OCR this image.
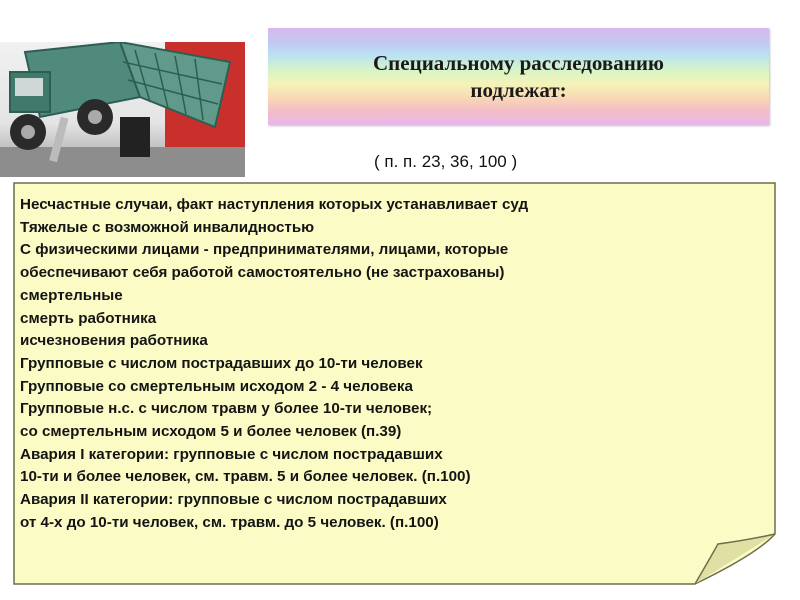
Специальному расследованию
подлежат:
( п. п. 23, 36, 100 )
Несчастные случаи, факт наступления которых устанавливает суд
Тяжелые с возможной инвалидностью
С физическими лицами - предпринимателями, лицами, которые
обеспечивают себя работой самостоятельно (не застрахованы)
смертельные
смерть работника
исчезновения работника
Групповые с числом пострадавших до 10-ти человек
Групповые со смертельным исходом 2 - 4 человека
Групповые н.с. с числом травм у более 10-ти человек;
со смертельным исходом 5 и более человек (п.39)
Авария I категории: групповые с числом пострадавших
10-ти и более человек, см. травм. 5 и более человек. (п.100)
Авария II категории: групповые с числом пострадавших
от 4-х до 10-ти человек, см. травм. до 5 человек. (п.100)
